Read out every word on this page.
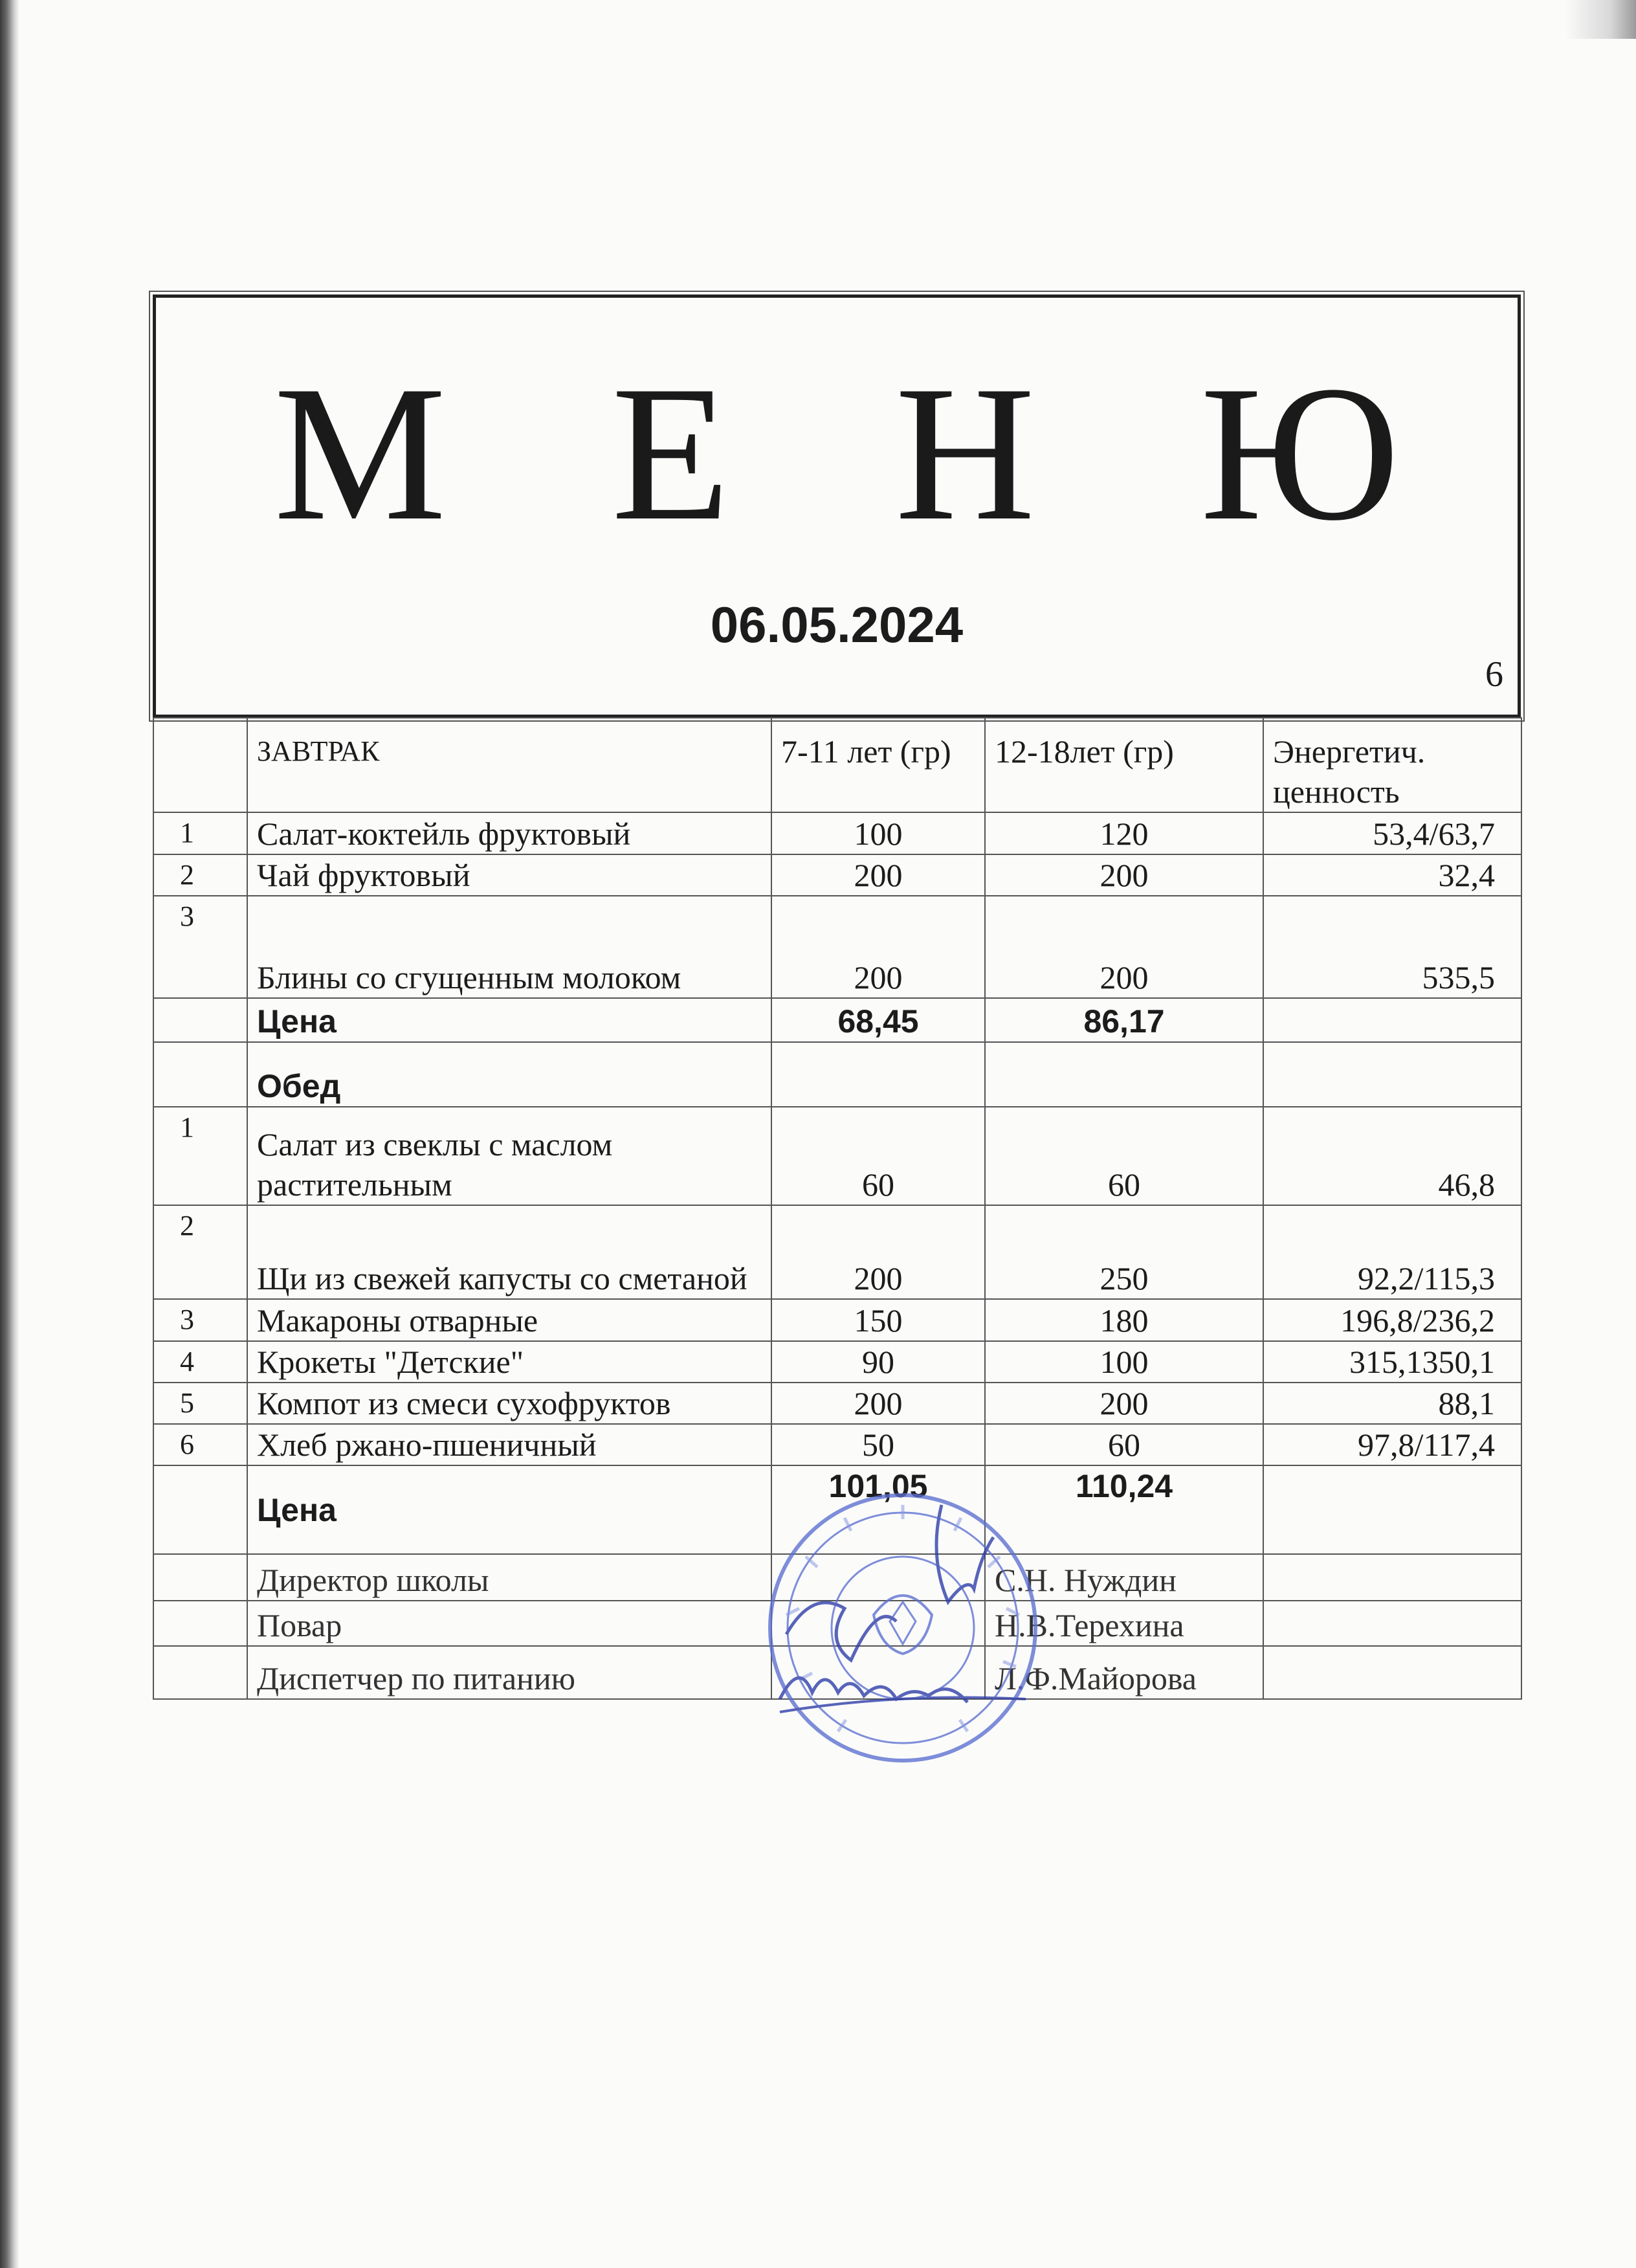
М Е Н Ю
06.05.2024
6
	ЗАВТРАК	7-11 лет (гр)	12-18лет (гр)	Энергетич. ценность
1	Салат-коктейль фруктовый	100	120	53,4/63,7
2	Чай фруктовый	200	200	32,4
3	Блины со сгущенным молоком	200	200	535,5
	Цена	68,45	86,17	
	Обед			
1	Салат из свеклы с маслом растительным	60	60	46,8
2	Щи из свежей капусты со сметаной	200	250	92,2/115,3
3	Макароны отварные	150	180	196,8/236,2
4	Крокеты "Детские"	90	100	315,1350,1
5	Компот из смеси сухофруктов	200	200	88,1
6	Хлеб ржано-пшеничный	50	60	97,8/117,4
	Цена	101,05	110,24	
	Директор школы		С.Н. Нуждин	
	Повар		Н.В.Терехина	
	Диспетчер по питанию		Л.Ф.Майорова	
